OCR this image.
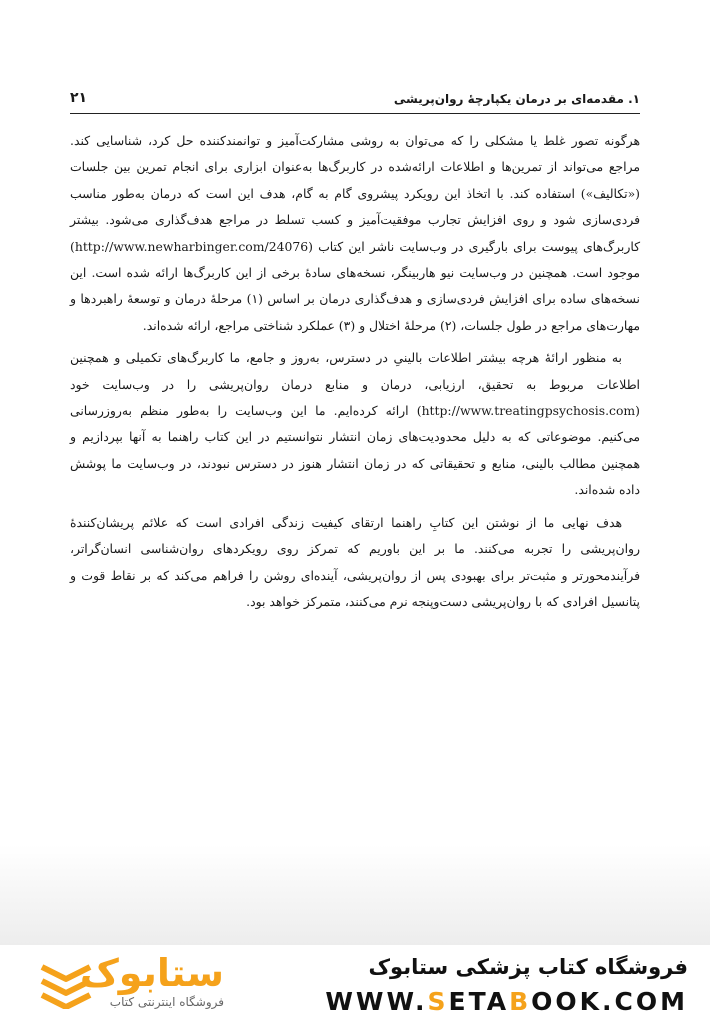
۱. مقدمه‌ای بر درمان یکپارچهٔ روان‌پریشی
۲۱

هرگونه تصور غلط یا مشکلی را که می‌توان به روشی مشارکت‌آمیز و توانمندکننده حل کرد، شناسایی کند. مراجع می‌تواند از تمرین‌ها و اطلاعات ارائه‌شده در کاربرگ‌ها به‌عنوان ابزاری برای انجام تمرین بین جلسات («تکالیف») استفاده کند. با اتخاذ این رویکرد پیشروی گام به گام، هدف این است که درمان به‌طور مناسب فردی‌سازی شود و روی افزایش تجارب موفقیت‌آمیز و کسب تسلط در مراجع هدف‌گذاری می‌شود. بیشتر کاربرگ‌های پیوست برای بارگیری در وب‌سایت ناشر این کتاب (http://www.newharbinger.com/24076) موجود است. همچنین در وب‌سایت نیو هاربینگر، نسخه‌های سادهٔ برخی از این کاربرگ‌ها ارائه شده است. این نسخه‌های ساده برای افزایش فردی‌سازی و هدف‌گذاری درمان بر اساس (۱) مرحلهٔ درمان و توسعهٔ راهبردها و مهارت‌های مراجع در طول جلسات، (۲) مرحلهٔ اختلال و (۳) عملکرد شناختی مراجع، ارائه شده‌اند.

به منظور ارائهٔ هرچه بیشتر اطلاعات بالینیِ در دسترس، به‌روز و جامع، ما کاربرگ‌های تکمیلی و همچنین اطلاعات مربوط به تحقیق، ارزیابی، درمان و منابع درمان روان‌پریشی را در وب‌سایت خود (http://www.treatingpsychosis.com) ارائه کرده‌ایم. ما این وب‌سایت را به‌طور منظم به‌روزرسانی می‌کنیم. موضوعاتی که به دلیل محدودیت‌های زمان انتشار نتوانستیم در این کتاب راهنما به آنها بپردازیم و همچنین مطالب بالینی، منابع و تحقیقاتی که در زمان انتشار هنوز در دسترس نبودند، در وب‌سایت ما پوشش داده شده‌اند.

هدف نهایی ما از نوشتن این کتابِ راهنما ارتقای کیفیت زندگی افرادی است که علائم پریشان‌کنندهٔ روان‌پریشی را تجربه می‌کنند. ما بر این باوریم که تمرکز روی رویکردهای روان‌شناسی انسان‌گراتر، فرآیندمحورتر و مثبت‌تر برای بهبودی پس از روان‌پریشی، آینده‌ای روشن را فراهم می‌کند که بر نقاط قوت و پتانسیل افرادی که با روان‌پریشی دست‌وپنجه نرم می‌کنند، متمرکز خواهد بود.

ستابوک
فروشگاه اینترنتی کتاب
فروشگاه کتاب پزشکی ستابوک
WWW.SETABOOK.COM
